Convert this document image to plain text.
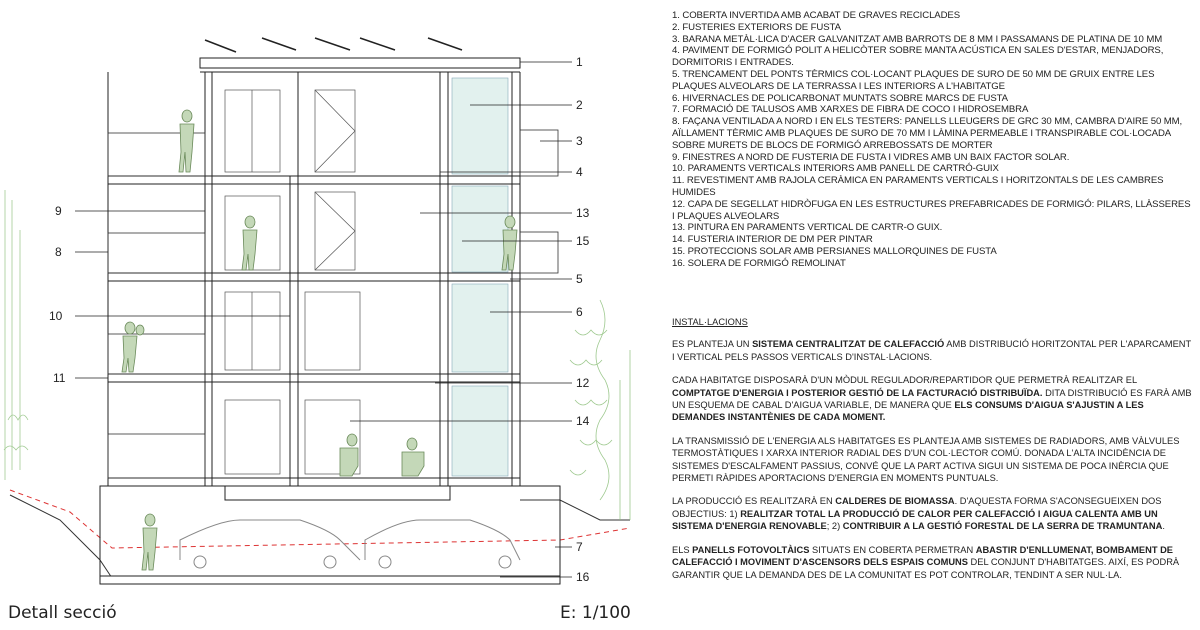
1
2
3
4
13
15
5
6
12
14
7
16
9
8
10
11
Detall secció	E: 1/100
1. COBERTA INVERTIDA AMB ACABAT DE GRAVES RECICLADES
2. FUSTERIES EXTERIORS DE FUSTA
3. BARANA METÀL·LICA D'ACER GALVANITZAT AMB BARROTS DE 8 MM I PASSAMANS DE PLATINA DE 10 MM
4. PAVIMENT DE FORMIGÓ POLIT A HELICÒTER SOBRE MANTA ACÚSTICA EN SALES D'ESTAR, MENJADORS, DORMITORIS I ENTRADES.
5. TRENCAMENT DEL PONTS TÈRMICS COL·LOCANT PLAQUES DE SURO DE 50 MM DE GRUIX ENTRE LES PLAQUES ALVEOLARS DE LA TERRASSA I LES INTERIORS A L'HABITATGE
6. HIVERNACLES DE POLICARBONAT MUNTATS SOBRE MARCS DE FUSTA
7. FORMACIÓ DE TALUSOS AMB XARXES DE FIBRA DE COCO I HIDROSEMBRA
8. FAÇANA VENTILADA A NORD I EN ELS TESTERS: PANELLS LLEUGERS DE GRC 30 MM, CAMBRA D'AIRE 50 MM, AÏLLAMENT TÈRMIC AMB PLAQUES DE SURO DE 70 MM I LÀMINA PERMEABLE I TRANSPIRABLE COL·LOCADA SOBRE MURETS DE BLOCS DE FORMIGÓ ARREBOSSATS DE MORTER
9. FINESTRES A NORD DE FUSTERIA DE FUSTA I VIDRES AMB UN BAIX FACTOR SOLAR.
10. PARAMENTS VERTICALS INTERIORS AMB PANELL DE CARTRÓ-GUIX
11. REVESTIMENT AMB RAJOLA CERÀMICA EN PARAMENTS VERTICALS I HORITZONTALS DE LES CAMBRES HUMIDES
12. CAPA DE SEGELLAT HIDRÒFUGA EN LES ESTRUCTURES PREFABRICADES DE FORMIGÓ: PILARS, LLÀSSERES I PLAQUES ALVEOLARS
13. PINTURA EN PARAMENTS VERTICAL DE CARTR-O GUIX.
14. FUSTERIA INTERIOR DE DM PER PINTAR
15. PROTECCIONS SOLAR AMB PERSIANES MALLORQUINES DE FUSTA
16. SOLERA DE FORMIGÓ REMOLINAT
INSTAL·LACIONS

ES PLANTEJA UN SISTEMA CENTRALITZAT DE CALEFACCIÓ AMB DISTRIBUCIÓ HORITZONTAL PER L'APARCAMENT I VERTICAL PELS PASSOS VERTICALS D'INSTAL·LACIONS.

CADA HABITATGE DISPOSARÀ D'UN MÒDUL REGULADOR/REPARTIDOR QUE PERMETRÀ REALITZAR EL COMPTATGE D'ENERGIA I POSTERIOR GESTIÓ DE LA FACTURACIÓ DISTRIBUÏDA. DITA DISTRIBUCIÓ ES FARÀ AMB UN ESQUEMA DE CABAL D'AIGUA VARIABLE, DE MANERA QUE ELS CONSUMS D'AIGUA S'AJUSTIN A LES DEMANDES INSTANTÈNIES DE CADA MOMENT.

LA TRANSMISSIÓ DE L'ENERGIA ALS HABITATGES ES PLANTEJA AMB SISTEMES DE RADIADORS, AMB VÀLVULES TERMOSTÀTIQUES I XARXA INTERIOR RADIAL DES D'UN COL·LECTOR COMÚ. DONADA L'ALTA INCIDÈNCIA DE SISTEMES D'ESCALFAMENT PASSIUS, CONVÉ QUE LA PART ACTIVA SIGUI UN SISTEMA DE POCA INÈRCIA QUE PERMETI RÀPIDES APORTACIONS D'ENERGIA EN MOMENTS PUNTUALS.

LA PRODUCCIÓ ES REALITZARÀ EN CALDERES DE BIOMASSA. D'AQUESTA FORMA S'ACONSEGUEIXEN DOS OBJECTIUS: 1) REALITZAR TOTAL LA PRODUCCIÓ DE CALOR PER CALEFACCIÓ I AIGUA CALENTA AMB UN SISTEMA D'ENERGIA RENOVABLE; 2) CONTRIBUIR A LA GESTIÓ FORESTAL DE LA SERRA DE TRAMUNTANA.

ELS PANELLS FOTOVOLTÀICS SITUATS EN COBERTA PERMETRAN ABASTIR D'ENLLUMENAT, BOMBAMENT DE CALEFACCIÓ I MOVIMENT D'ASCENSORS DELS ESPAIS COMUNS DEL CONJUNT D'HABITATGES. AIXÍ, ES PODRÀ GARANTIR QUE LA DEMANDA DES DE LA COMUNITAT ES POT CONTROLAR, TENDINT A SER NUL·LA.
